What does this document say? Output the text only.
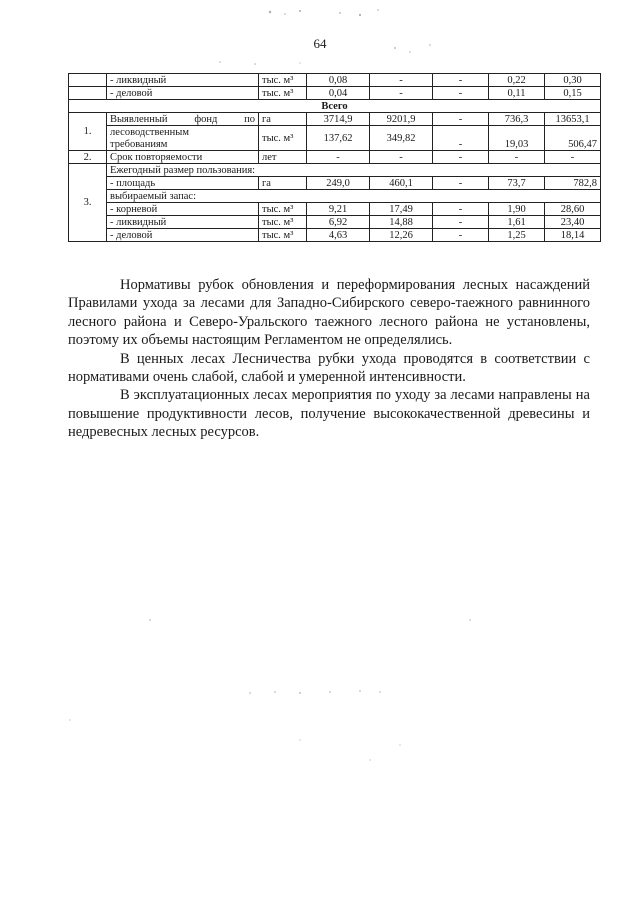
64
	- ликвидный	тыс. м³	0,08	-	-	0,22	0,30
	- деловой	тыс. м³	0,04	-	-	0,11	0,15
Всего							
1.	Выявленный фонд по	га	3714,9	9201,9	-	736,3	13653,1
	лесоводственным	тыс. м³	137,62	349,82	-	19,03	506,47
	требованиям						
2.	Срок повторяемости	лет	-	-	-	-	-
3.	Ежегодный размер пользования:						
	- площадь	га	249,0	460,1	-	73,7	782,8
	выбираемый запас:						
	- корневой	тыс. м³	9,21	17,49	-	1,90	28,60
	- ликвидный	тыс. м³	6,92	14,88	-	1,61	23,40
	- деловой	тыс. м³	4,63	12,26	-	1,25	18,14

Нормативы рубок обновления и переформирования лесных насаждений Правилами ухода за лесами для Западно-Сибирского северо-таежного равнинного лесного района и Северо-Уральского таежного лесного района не установлены, поэтому их объемы настоящим Регламентом не определялись.

В ценных лесах Лесничества рубки ухода проводятся в соответствии с нормативами очень слабой, слабой и умеренной интенсивности.

В эксплуатационных лесах мероприятия по уходу за лесами направлены на повышение продуктивности лесов, получение высококачественной древесины и недревесных лесных ресурсов.
